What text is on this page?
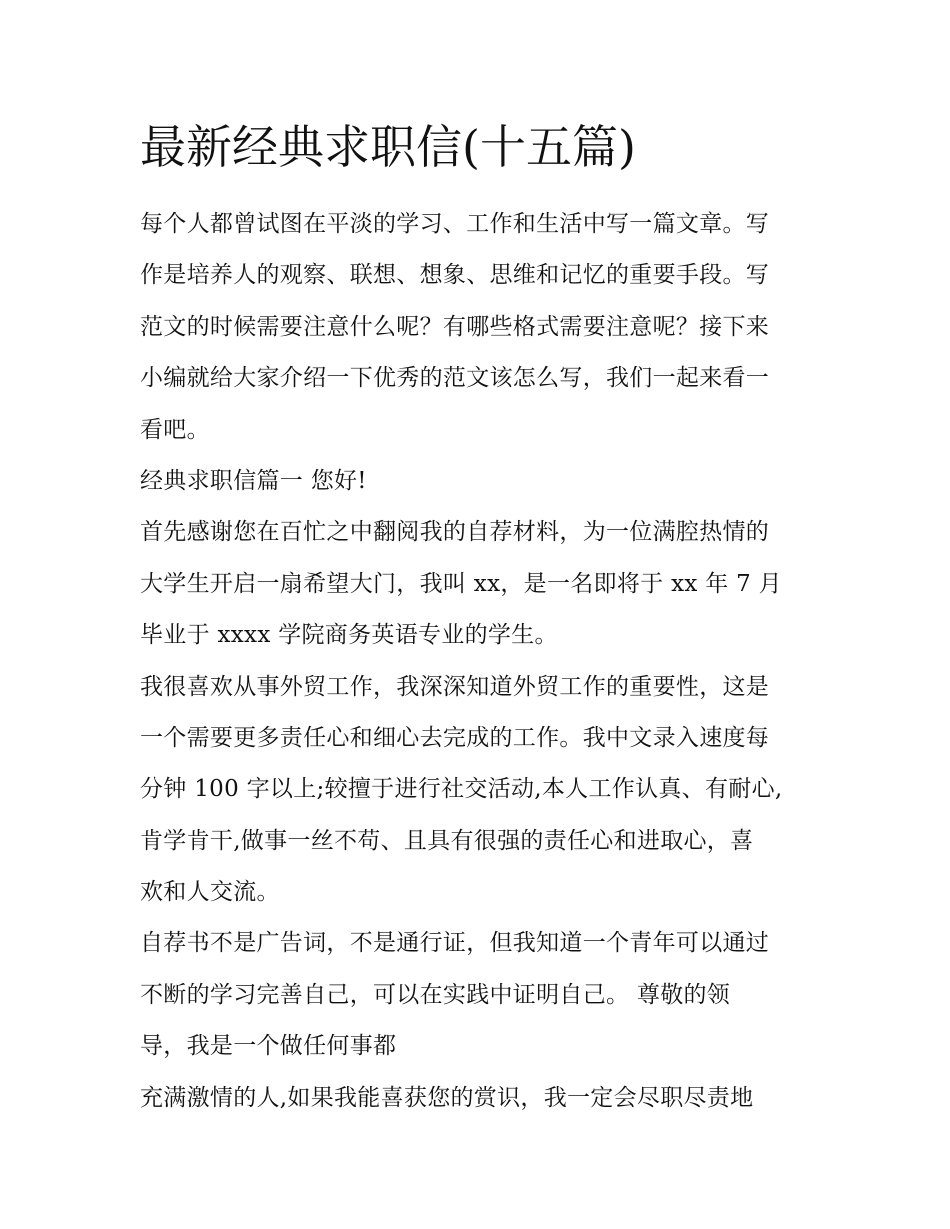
最新经典求职信(十五篇)
每个人都曾试图在平淡的学习、工作和生活中写一篇文章。写
作是培养人的观察、联想、想象、思维和记忆的重要手段。写
范文的时候需要注意什么呢？有哪些格式需要注意呢？接下来
小编就给大家介绍一下优秀的范文该怎么写，我们一起来看一
看吧。
经典求职信篇一 您好!
首先感谢您在百忙之中翻阅我的自荐材料，为一位满腔热情的
大学生开启一扇希望大门，我叫 xx，是一名即将于 xx 年 7 月
毕业于 xxxx 学院商务英语专业的学生。
我很喜欢从事外贸工作，我深深知道外贸工作的重要性，这是
一个需要更多责任心和细心去完成的工作。我中文录入速度每
分钟 100 字以上;较擅于进行社交活动,本人工作认真、有耐心,
肯学肯干,做事一丝不苟、且具有很强的责任心和进取心，喜
欢和人交流。
自荐书不是广告词，不是通行证，但我知道一个青年可以通过
不断的学习完善自己，可以在实践中证明自己。 尊敬的领
导，我是一个做任何事都
充满激情的人,如果我能喜获您的赏识，我一定会尽职尽责地
